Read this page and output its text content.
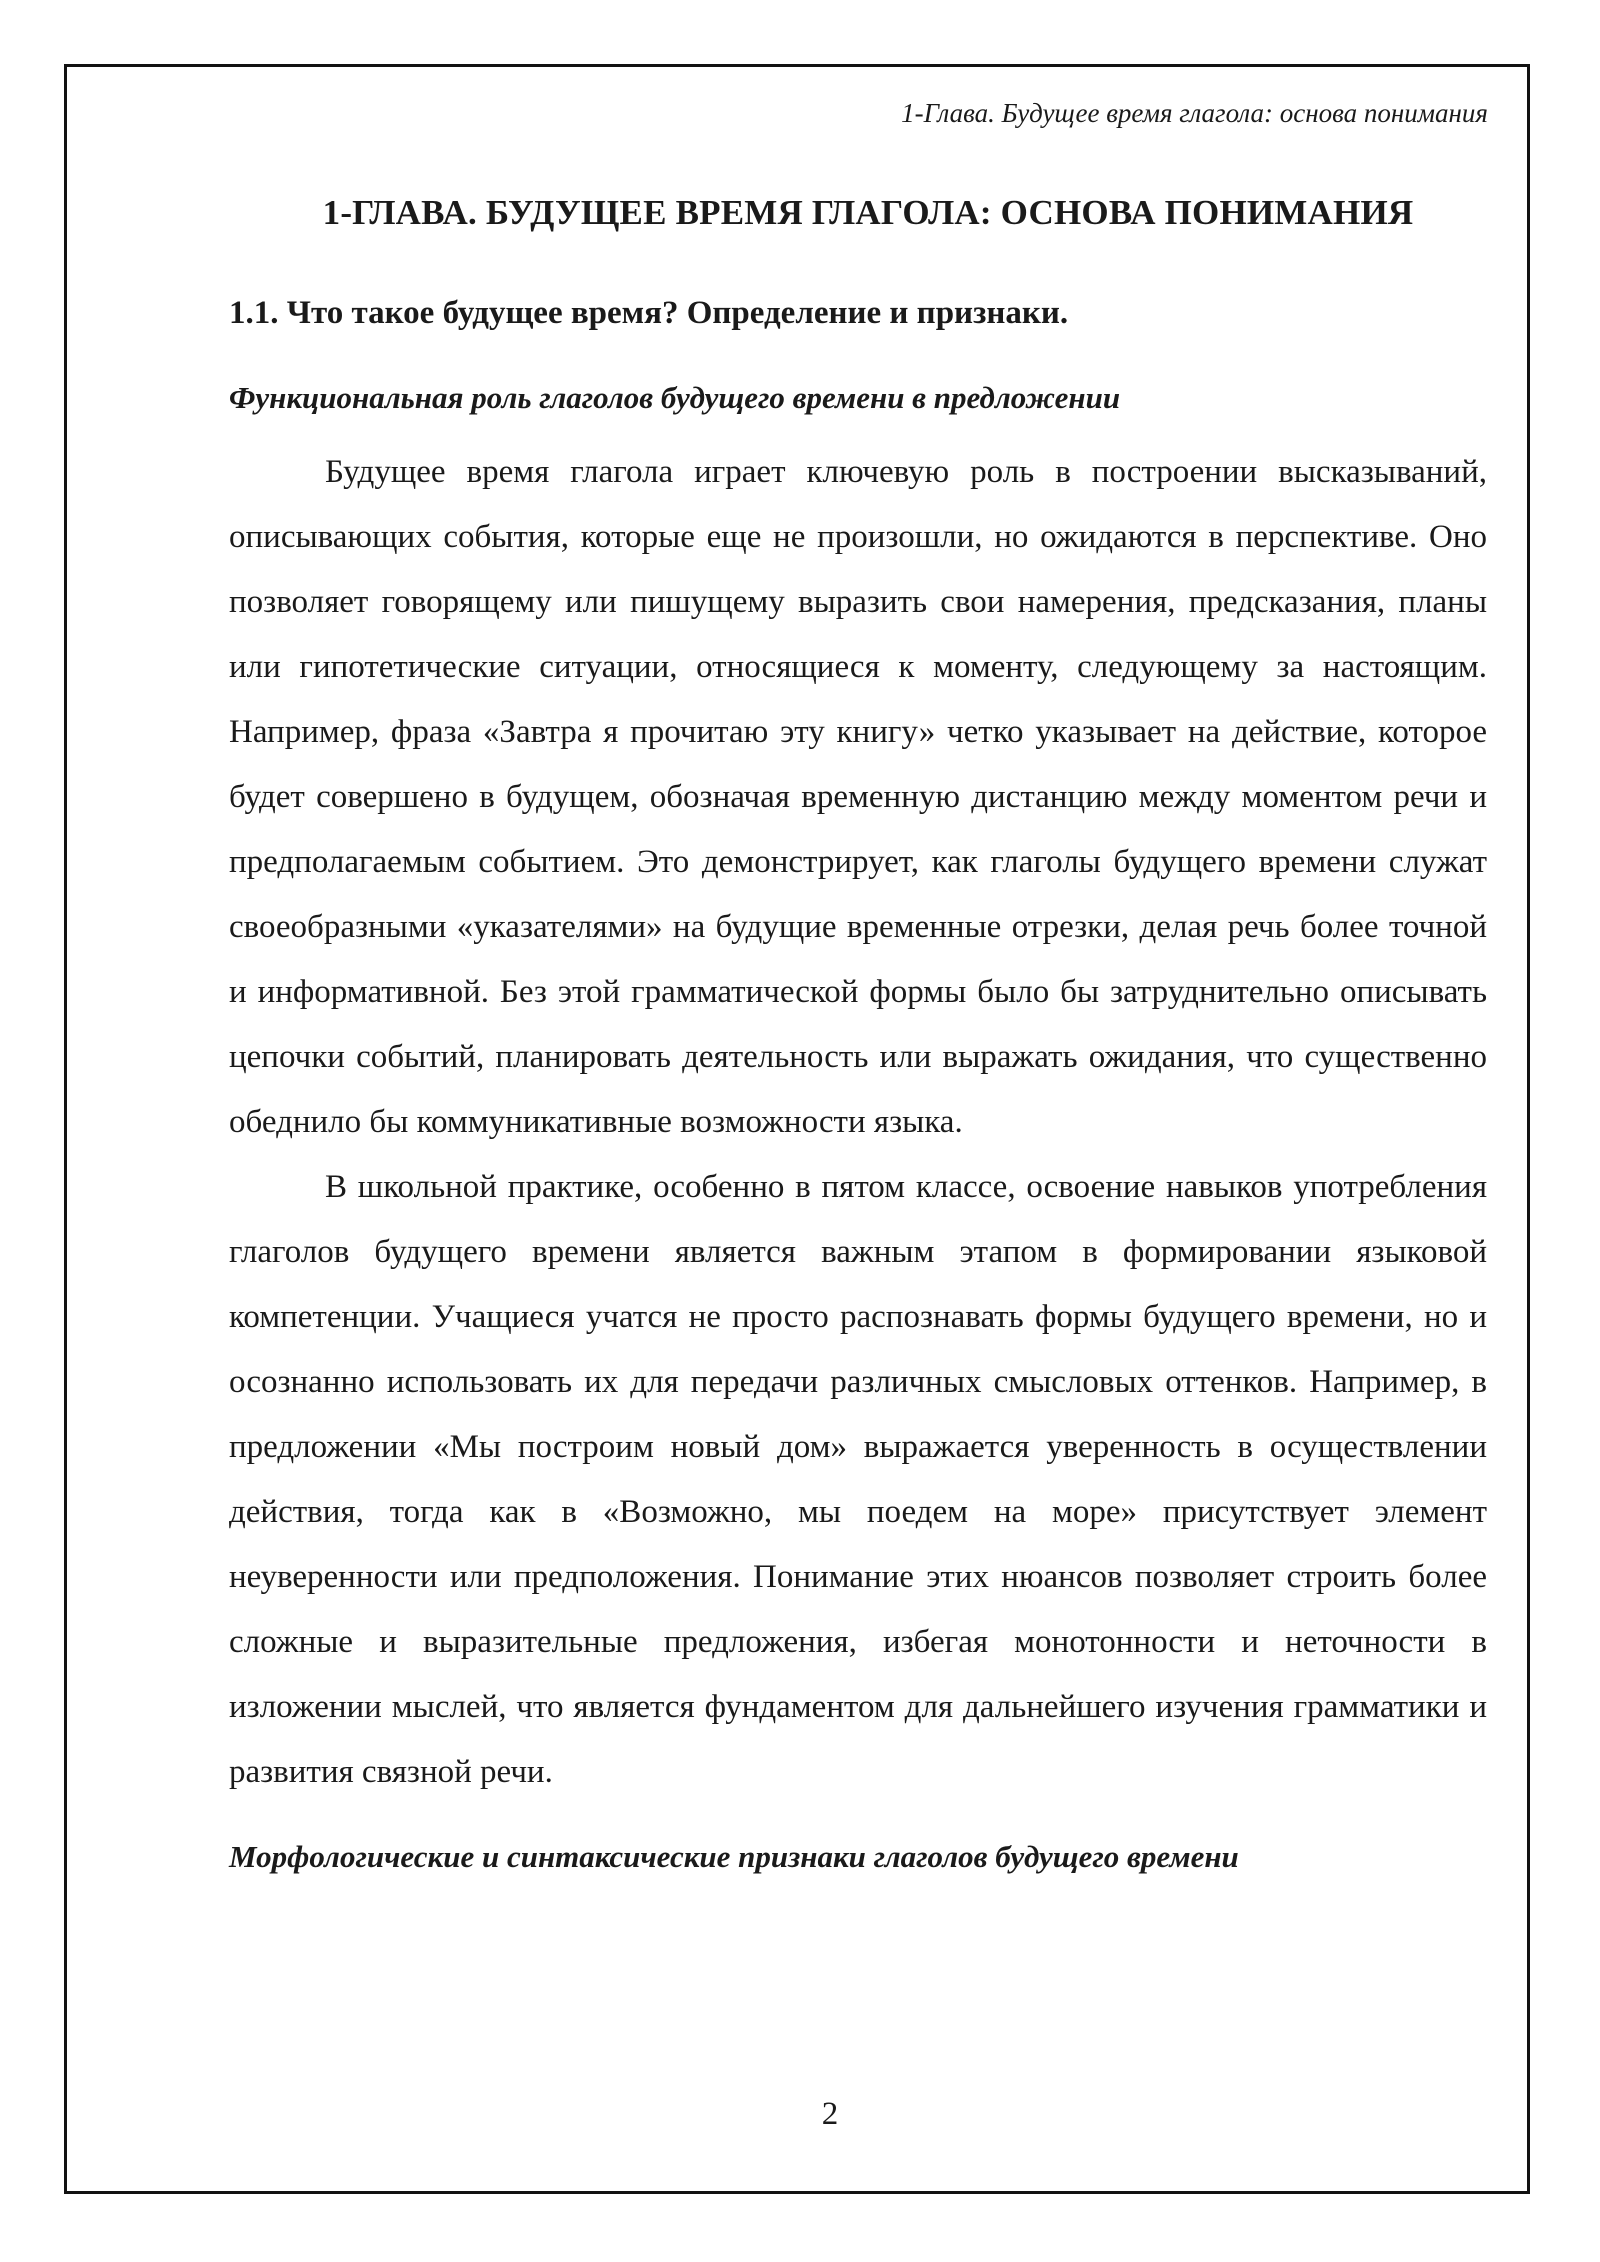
1-Глава. Будущее время глагола: основа понимания
1-ГЛАВА. БУДУЩЕЕ ВРЕМЯ ГЛАГОЛА: ОСНОВА ПОНИМАНИЯ
1.1. Что такое будущее время? Определение и признаки.
Функциональная роль глаголов будущего времени в предложении

Будущее время глагола играет ключевую роль в построении высказываний, описывающих события, которые еще не произошли, но ожидаются в перспективе. Оно позволяет говорящему или пишущему выразить свои намерения, предсказания, планы или гипотетические ситуации, относящиеся к моменту, следующему за настоящим. Например, фраза «Завтра я прочитаю эту книгу» четко указывает на действие, которое будет совершено в будущем, обозначая временную дистанцию между моментом речи и предполагаемым событием. Это демонстрирует, как глаголы будущего времени служат своеобразными «указателями» на будущие временные отрезки, делая речь более точной и информативной. Без этой грамматической формы было бы затруднительно описывать цепочки событий, планировать деятельность или выражать ожидания, что существенно обеднило бы коммуникативные возможности языка.

В школьной практике, особенно в пятом классе, освоение навыков употребления глаголов будущего времени является важным этапом в формировании языковой компетенции. Учащиеся учатся не просто распознавать формы будущего времени, но и осознанно использовать их для передачи различных смысловых оттенков. Например, в предложении «Мы построим новый дом» выражается уверенность в осуществлении действия, тогда как в «Возможно, мы поедем на море» присутствует элемент неуверенности или предположения. Понимание этих нюансов позволяет строить более сложные и выразительные предложения, избегая монотонности и неточности в изложении мыслей, что является фундаментом для дальнейшего изучения грамматики и развития связной речи.

Морфологические и синтаксические признаки глаголов будущего времени
2
